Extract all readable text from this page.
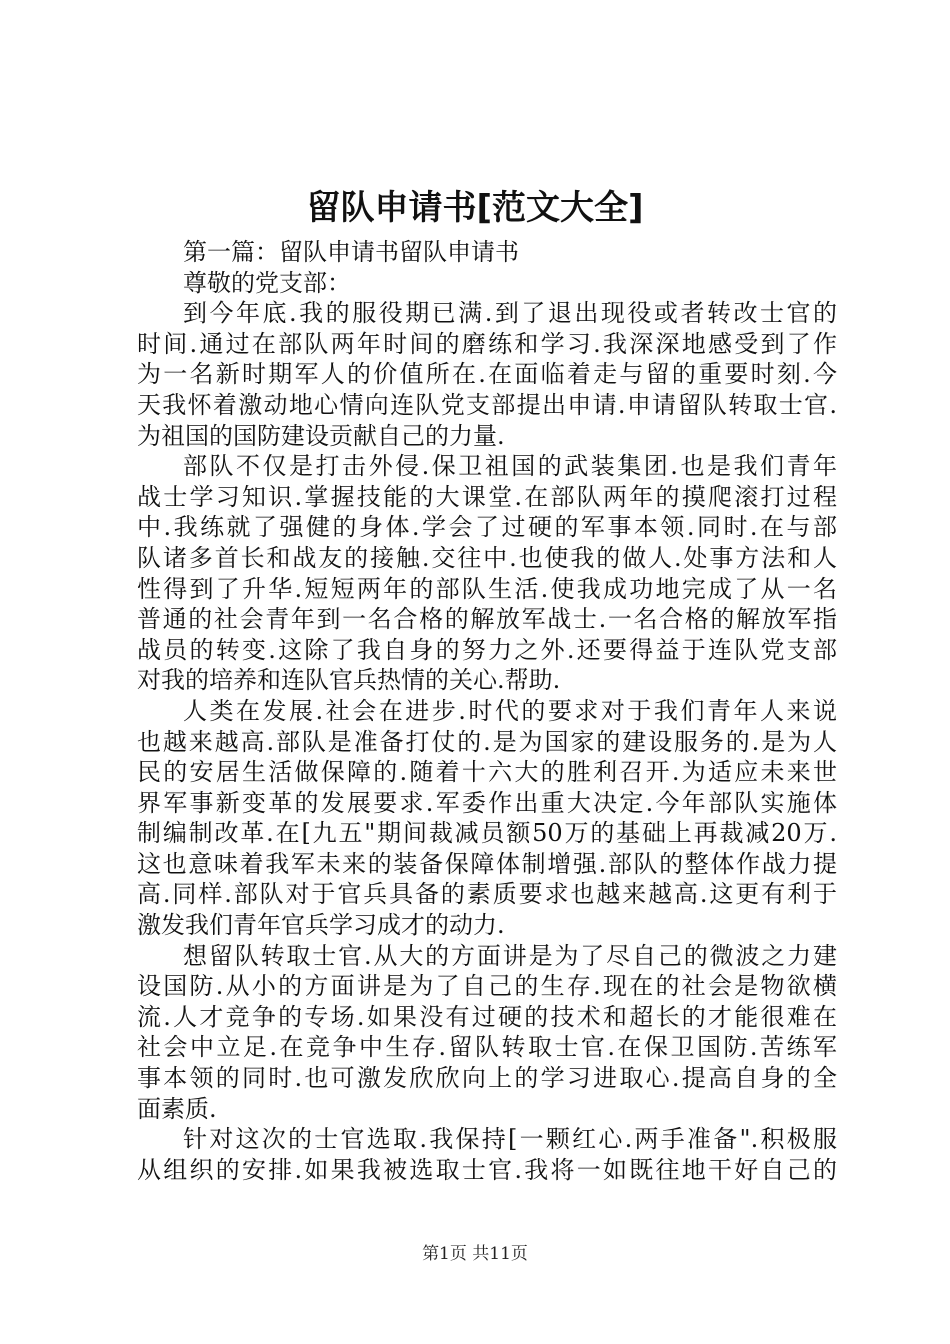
留队申请书[范文大全]

第一篇：留队申请书留队申请书

尊敬的党支部：

到今年底.我的服役期已满.到了退出现役或者转改士官的

时间.通过在部队两年时间的磨练和学习.我深深地感受到了作

为一名新时期军人的价值所在.在面临着走与留的重要时刻.今

天我怀着激动地心情向连队党支部提出申请.申请留队转取士官.

为祖国的国防建设贡献自己的力量.

部队不仅是打击外侵.保卫祖国的武装集团.也是我们青年

战士学习知识.掌握技能的大课堂.在部队两年的摸爬滚打过程

中.我练就了强健的身体.学会了过硬的军事本领.同时.在与部

队诸多首长和战友的接触.交往中.也使我的做人.处事方法和人

性得到了升华.短短两年的部队生活.使我成功地完成了从一名

普通的社会青年到一名合格的解放军战士.一名合格的解放军指

战员的转变.这除了我自身的努力之外.还要得益于连队党支部

对我的培养和连队官兵热情的关心.帮助.

人类在发展.社会在进步.时代的要求对于我们青年人来说

也越来越高.部队是准备打仗的.是为国家的建设服务的.是为人

民的安居生活做保障的.随着十六大的胜利召开.为适应未来世

界军事新变革的发展要求.军委作出重大决定.今年部队实施体

制编制改革.在[九五"期间裁减员额50万的基础上再裁减20万.

这也意味着我军未来的装备保障体制增强.部队的整体作战力提

高.同样.部队对于官兵具备的素质要求也越来越高.这更有利于

激发我们青年官兵学习成才的动力.

想留队转取士官.从大的方面讲是为了尽自己的微波之力建

设国防.从小的方面讲是为了自己的生存.现在的社会是物欲横

流.人才竞争的专场.如果没有过硬的技术和超长的才能很难在

社会中立足.在竞争中生存.留队转取士官.在保卫国防.苦练军

事本领的同时.也可激发欣欣向上的学习进取心.提高自身的全

面素质.

针对这次的士官选取.我保持[一颗红心.两手准备".积极服

从组织的安排.如果我被选取士官.我将一如既往地干好自己的

第1页 共11页
